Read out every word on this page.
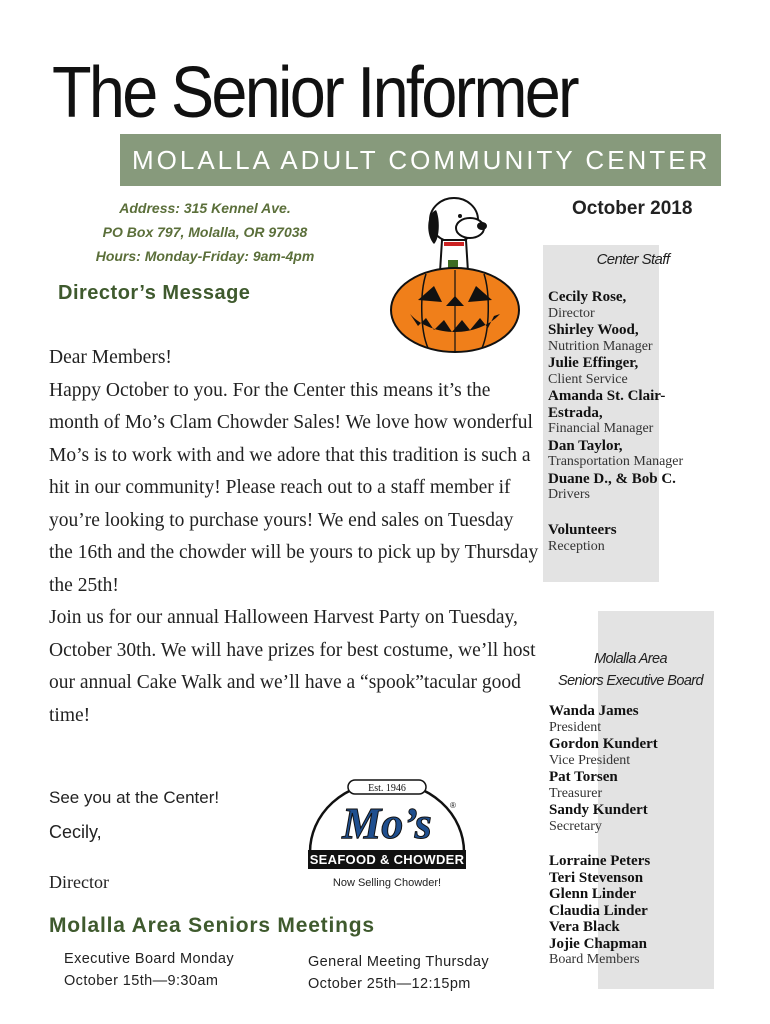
The Senior Informer
MOLALLA ADULT COMMUNITY CENTER
Address: 315 Kennel Ave.
PO Box 797, Molalla, OR 97038
Hours: Monday-Friday: 9am-4pm
October 2018
Director’s Message

Dear Members!

Happy October to you. For the Center this means it’s the month of Mo’s Clam Chowder Sales! We love how wonderful Mo’s is to work with and we adore that this tradition is such a hit in our community! Please reach out to a staff member if you’re looking to purchase yours! We end sales on Tuesday the 16th and the chowder will be yours to pick up by Thursday the 25th!

Join us for our annual Halloween Harvest Party on Tuesday, October 30th. We will have prizes for best costume, we’ll host our annual Cake Walk and we’ll have a “spook”tacular good time!

See you at the Center!
Cecily,
Director
Est. 1946
Mo’s ®
SEAFOOD & CHOWDER
Now Selling Chowder!
Molalla Area Seniors Meetings
Executive Board Monday
October 15th—9:30am
General Meeting Thursday
October 25th—12:15pm
Center Staff
Cecily Rose,
Director
Shirley Wood,
Nutrition Manager
Julie Effinger,
Client Service
Amanda St. Clair-Estrada,
Financial Manager
Dan Taylor,
Transportation Manager
Duane D., & Bob C.
Drivers
Volunteers
Reception
Molalla Area
Seniors Executive Board
Wanda James
President
Gordon Kundert
Vice President
Pat Torsen
Treasurer
Sandy Kundert
Secretary
Lorraine Peters
Teri Stevenson
Glenn Linder
Claudia Linder
Vera Black
Jojie Chapman
Board Members
